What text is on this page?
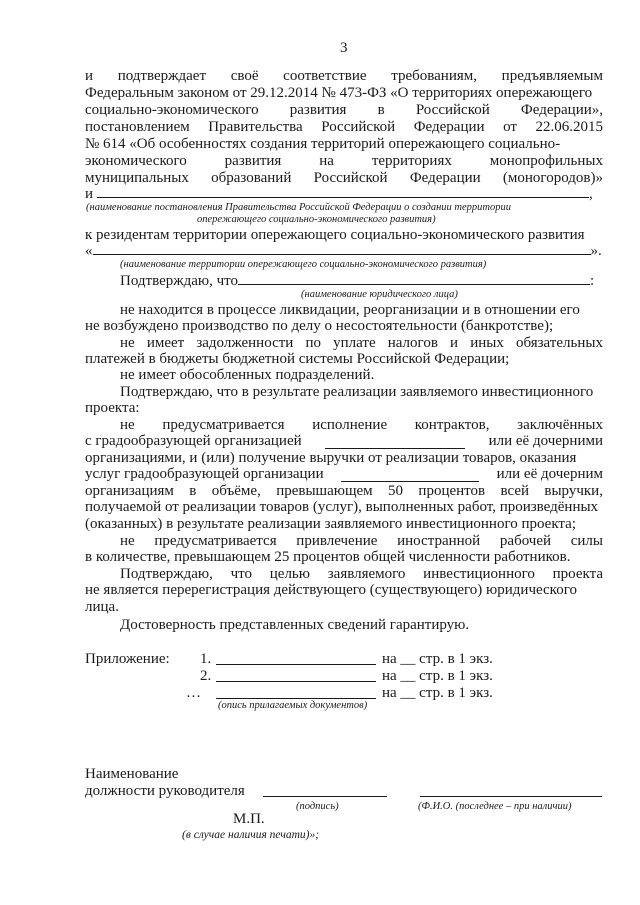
3
и подтверждает своё соответствие требованиям, предъявляемым
Федеральным законом от 29.12.2014 № 473-ФЗ «О территориях опережающего
социально-экономического развития в Российской Федерации»,
постановлением Правительства Российской Федерации от 22.06.2015
№ 614 «Об особенностях создания территорий опережающего социально-
экономического	развития	на	территориях	монопрофильных
муниципальных образований Российской Федерации (моногородов)»
и	,
(наименование постановления Правительства Российской Федерации о создании территории
опережающего социально-экономического развития)
к резидентам территории опережающего социально-экономического развития
«	».
(наименование территории опережающего социально-экономического развития)
Подтверждаю, что	:
(наименование юридического лица)
не находится в процессе ликвидации, реорганизации и в отношении его
не возбуждено производство по делу о несостоятельности (банкротстве);
не имеет задолженности по уплате налогов и иных обязательных
платежей в бюджеты бюджетной системы Российской Федерации;
не имеет обособленных подразделений.
Подтверждаю, что в результате реализации заявляемого инвестиционного
проекта:
не предусматривается исполнение контрактов, заключённых
с градообразующей организацией	или её дочерними
организациями, и (или) получение выручки от реализации товаров, оказания
услуг градообразующей организации	или её дочерним
организациям в объёме, превышающем 50 процентов всей выручки,
получаемой от реализации товаров (услуг), выполненных работ, произведённых
(оказанных) в результате реализации заявляемого инвестиционного проекта;
не предусматривается привлечение иностранной рабочей силы
в количестве, превышающем 25 процентов общей численности работников.
Подтверждаю, что целью заявляемого инвестиционного проекта
не является перерегистрация действующего (существующего) юридического
лица.
Достоверность представленных сведений гарантирую.
Приложение: 1.	на __ стр. в 1 экз.
2.	на __ стр. в 1 экз.
…	на __ стр. в 1 экз.
(опись прилагаемых документов)
Наименование
должности руководителя
(подпись)	(Ф.И.О. (последнее – при наличии)
М.П.
(в случае наличия печати)»;
